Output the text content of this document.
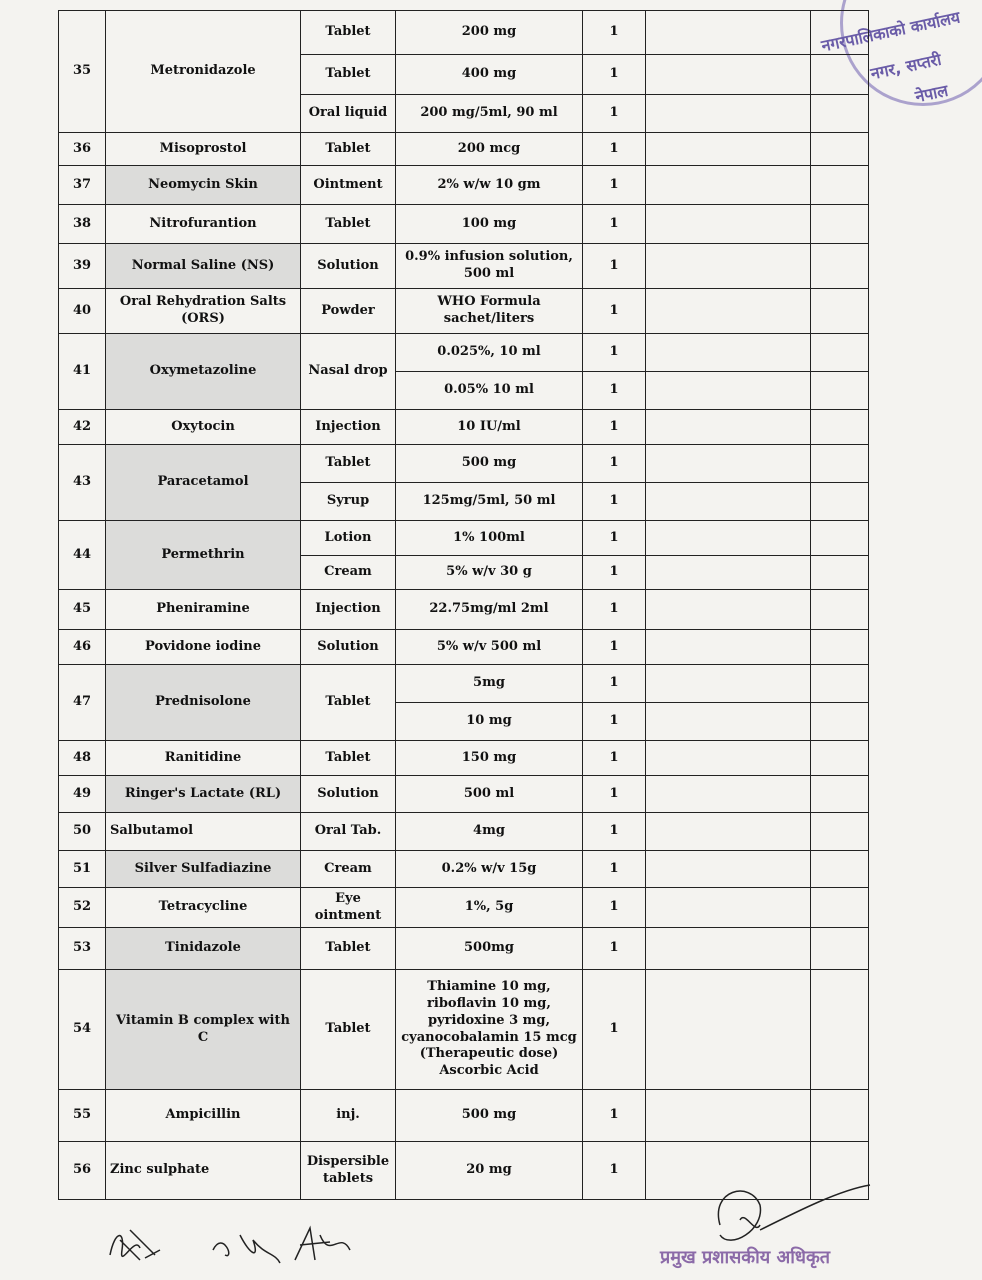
नगरपालिकाको कार्यालय
नगर, सप्तरी
नेपाल
35	Metronidazole	Tablet	200 mg	1		
		Tablet	400 mg	1		
		Oral liquid	200 mg/5ml, 90 ml	1		
36	Misoprostol	Tablet	200 mcg	1		
37	Neomycin Skin	Ointment	2% w/w 10 gm	1		
38	Nitrofurantion	Tablet	100 mg	1		
39	Normal Saline (NS)	Solution	0.9% infusion solution, 500 ml	1		
40	Oral Rehydration Salts (ORS)	Powder	WHO Formula sachet/liters	1		
41	Oxymetazoline	Nasal drop	0.025%, 10 ml	1		
			0.05% 10 ml	1		
42	Oxytocin	Injection	10 IU/ml	1		
43	Paracetamol	Tablet	500 mg	1		
		Syrup	125mg/5ml, 50 ml	1		
44	Permethrin	Lotion	1% 100ml	1		
		Cream	5% w/v 30 g	1		
45	Pheniramine	Injection	22.75mg/ml 2ml	1		
46	Povidone iodine	Solution	5% w/v 500 ml	1		
47	Prednisolone	Tablet	5mg	1		
			10 mg	1		
48	Ranitidine	Tablet	150 mg	1		
49	Ringer's Lactate (RL)	Solution	500 ml	1		
50	Salbutamol	Oral Tab.	4mg	1		
51	Silver Sulfadiazine	Cream	0.2% w/v 15g	1		
52	Tetracycline	Eye ointment	1%, 5g	1		
53	Tinidazole	Tablet	500mg	1		
54	Vitamin B complex with C	Tablet	Thiamine 10 mg, riboflavin 10 mg, pyridoxine 3 mg, cyanocobalamin 15 mcg (Therapeutic dose) Ascorbic Acid	1		
55	Ampicillin	inj.	500 mg	1		
56	Zinc sulphate	Dispersible tablets	20 mg	1		
प्रमुख प्रशासकीय अधिकृत
